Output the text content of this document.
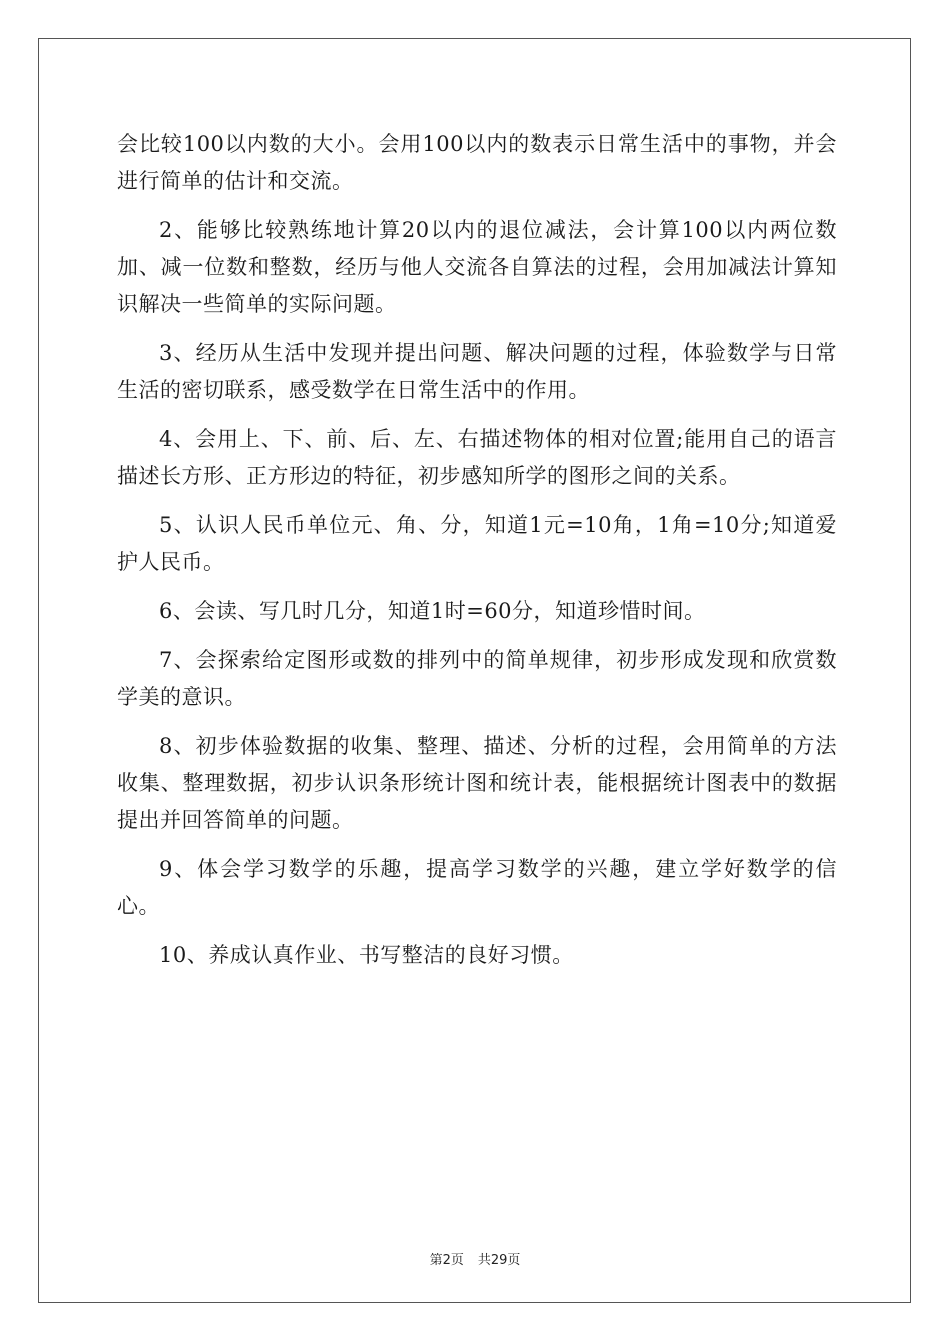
会比较100以内数的大小。会用100以内的数表示日常生活中的事物，并会进行简单的估计和交流。

2、能够比较熟练地计算20以内的退位减法，会计算100以内两位数加、减一位数和整数，经历与他人交流各自算法的过程，会用加减法计算知识解决一些简单的实际问题。

3、经历从生活中发现并提出问题、解决问题的过程，体验数学与日常生活的密切联系，感受数学在日常生活中的作用。

4、会用上、下、前、后、左、右描述物体的相对位置;能用自己的语言描述长方形、正方形边的特征，初步感知所学的图形之间的关系。

5、认识人民币单位元、角、分，知道1元=10角，1角=10分;知道爱护人民币。

6、会读、写几时几分，知道1时=60分，知道珍惜时间。

7、会探索给定图形或数的排列中的简单规律，初步形成发现和欣赏数学美的意识。

8、初步体验数据的收集、整理、描述、分析的过程，会用简单的方法收集、整理数据，初步认识条形统计图和统计表，能根据统计图表中的数据提出并回答简单的问题。

9、体会学习数学的乐趣，提高学习数学的兴趣，建立学好数学的信心。

10、养成认真作业、书写整洁的良好习惯。

第2页 共29页
